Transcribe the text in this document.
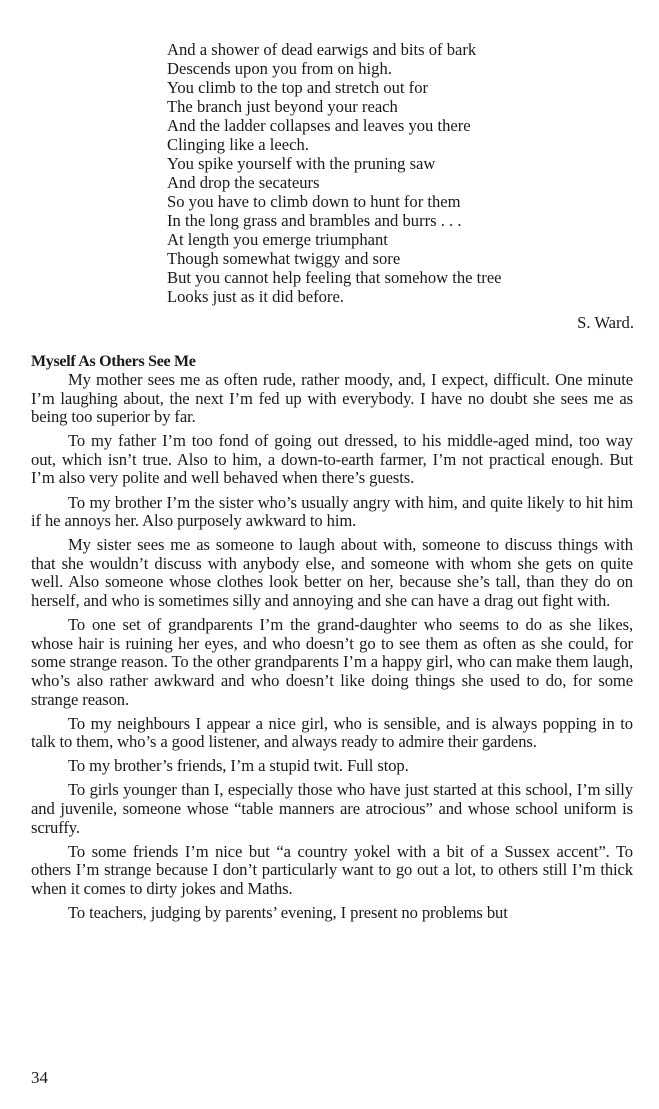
And a shower of dead earwigs and bits of bark
Descends upon you from on high.
You climb to the top and stretch out for
The branch just beyond your reach
And the ladder collapses and leaves you there
Clinging like a leech.
You spike yourself with the pruning saw
And drop the secateurs
So you have to climb down to hunt for them
In the long grass and brambles and burrs . . .
At length you emerge triumphant
Though somewhat twiggy and sore
But you cannot help feeling that somehow the tree
Looks just as it did before.
S. Ward.
Myself As Others See Me

My mother sees me as often rude, rather moody, and, I expect, difficult. One minute I’m laughing about, the next I’m fed up with everybody. I have no doubt she sees me as being too superior by far.

To my father I’m too fond of going out dressed, to his middle-aged mind, too way out, which isn’t true. Also to him, a down-to-earth farmer, I’m not practical enough. But I’m also very polite and well behaved when there’s guests.

To my brother I’m the sister who’s usually angry with him, and quite likely to hit him if he annoys her. Also purposely awkward to him.

My sister sees me as someone to laugh about with, someone to discuss things with that she wouldn’t discuss with anybody else, and someone with whom she gets on quite well. Also someone whose clothes look better on her, because she’s tall, than they do on herself, and who is sometimes silly and annoying and she can have a drag out fight with.

To one set of grandparents I’m the grand-daughter who seems to do as she likes, whose hair is ruining her eyes, and who doesn’t go to see them as often as she could, for some strange reason. To the other grandparents I’m a happy girl, who can make them laugh, who’s also rather awkward and who doesn’t like doing things she used to do, for some strange reason.

To my neighbours I appear a nice girl, who is sensible, and is always popping in to talk to them, who’s a good listener, and always ready to admire their gardens.

To my brother’s friends, I’m a stupid twit. Full stop.

To girls younger than I, especially those who have just started at this school, I’m silly and juvenile, someone whose “table manners are atrocious” and whose school uniform is scruffy.

To some friends I’m nice but “a country yokel with a bit of a Sussex accent”. To others I’m strange because I don’t particularly want to go out a lot, to others still I’m thick when it comes to dirty jokes and Maths.

To teachers, judging by parents’ evening, I present no problems but

34
